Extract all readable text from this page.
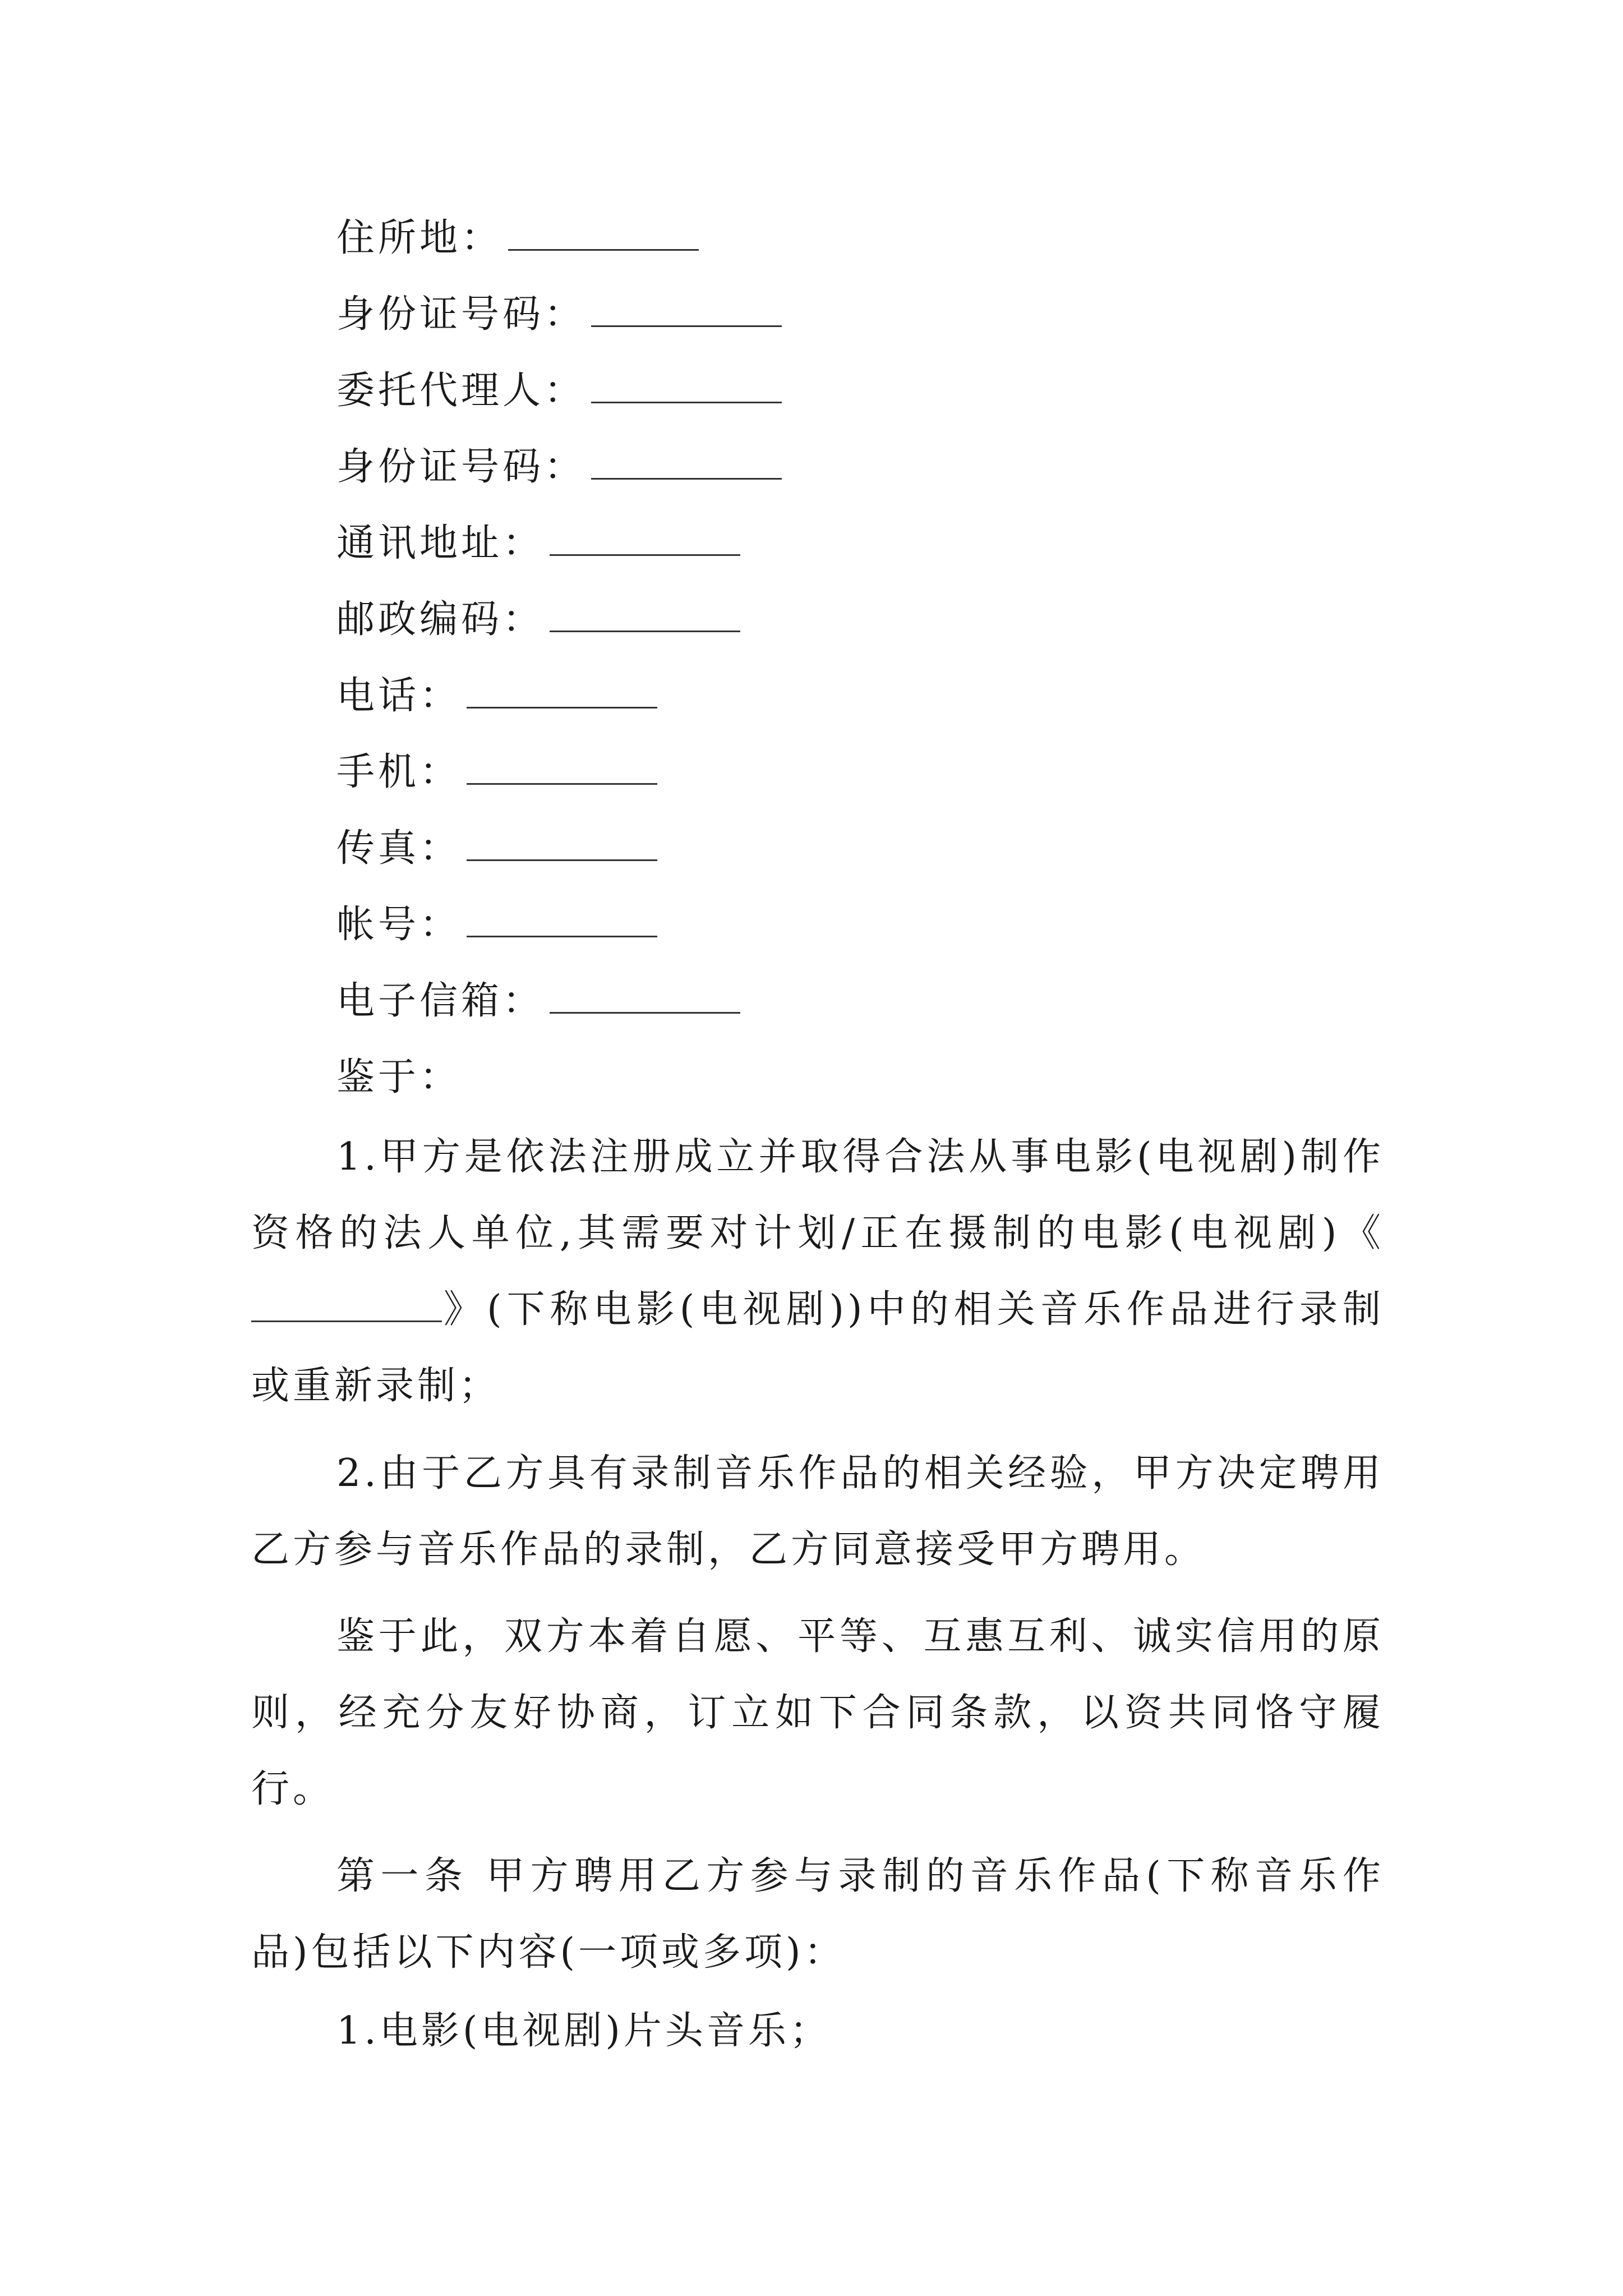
住所地：
身份证号码：
委托代理人：
身份证号码：
通讯地址：
邮政编码：
电话：
手机：
传真：
帐号：
电子信箱：
鉴于：
1.甲方是依法注册成立并取得合法从事电影(电视剧)制作资格的法人单位,其需要对计划/正在摄制的电影(电视剧)《》(下称电影(电视剧))中的相关音乐作品进行录制或重新录制；
2.由于乙方具有录制音乐作品的相关经验，甲方决定聘用乙方参与音乐作品的录制，乙方同意接受甲方聘用。
鉴于此，双方本着自愿、平等、互惠互利、诚实信用的原则，经充分友好协商，订立如下合同条款，以资共同恪守履行。
第一条 甲方聘用乙方参与录制的音乐作品(下称音乐作品)包括以下内容(一项或多项)：
1.电影(电视剧)片头音乐；
